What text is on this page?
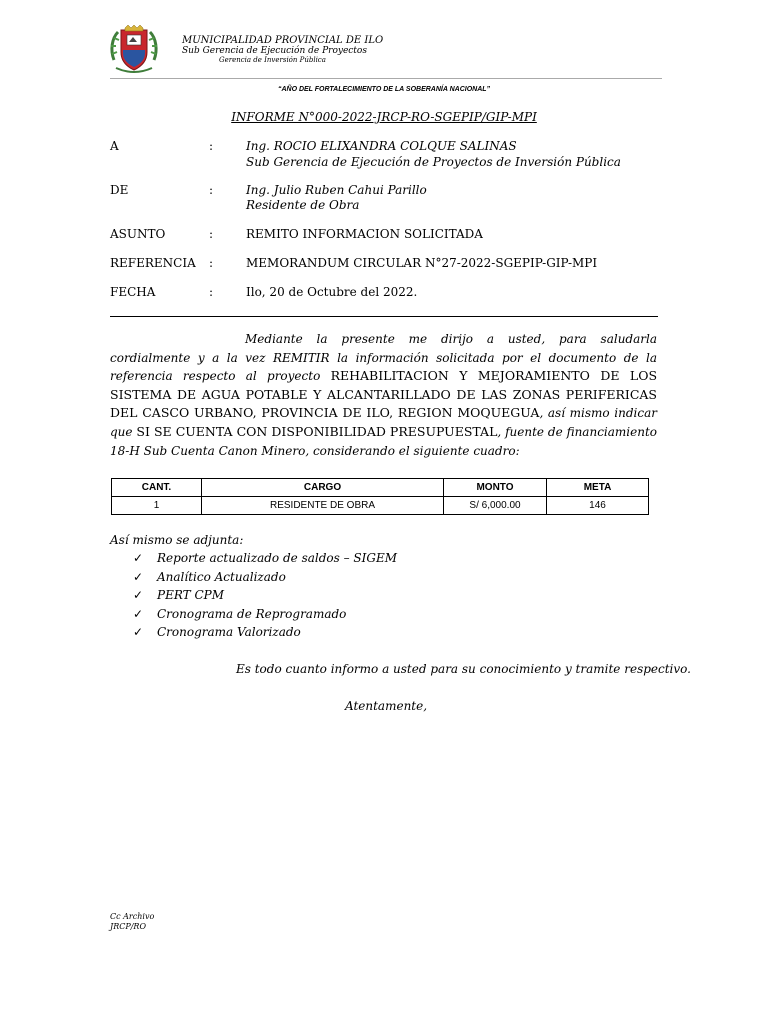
MUNICIPALIDAD PROVINCIAL DE ILO
Sub Gerencia de Ejecución de Proyectos
Gerencia de Inversión Pública
“AÑO DEL FORTALECIMIENTO DE LA SOBERANÍA NACIONAL”
INFORME N°000-2022-JRCP-RO-SGEPIP/GIP-MPI
A	:	Ing. ROCIO ELIXANDRA COLQUE SALINAS
Sub Gerencia de Ejecución de Proyectos de Inversión Pública
DE	:	Ing. Julio Ruben Cahui Parillo
Residente de Obra
ASUNTO	:	REMITO INFORMACION SOLICITADA
REFERENCIA :	MEMORANDUM CIRCULAR N°27-2022-SGEPIP-GIP-MPI
FECHA	:	Ilo, 20 de Octubre del 2022.
Mediante la presente me dirijo a usted, para saludarla cordialmente y a la vez REMITIR la información solicitada por el documento de la referencia respecto al proyecto REHABILITACION Y MEJORAMIENTO DE LOS SISTEMA DE AGUA POTABLE Y ALCANTARILLADO DE LAS ZONAS PERIFERICAS DEL CASCO URBANO, PROVINCIA DE ILO, REGION MOQUEGUA, así mismo indicar que SI SE CUENTA CON DISPONIBILIDAD PRESUPUESTAL, fuente de financiamiento 18-H Sub Cuenta Canon Minero, considerando el siguiente cuadro:
CANT.	CARGO	MONTO	META
1	RESIDENTE DE OBRA	S/ 6,000.00	146
Así mismo se adjunta:
✓ Reporte actualizado de saldos – SIGEM
✓ Analítico Actualizado
✓ PERT CPM
✓ Cronograma de Reprogramado
✓ Cronograma Valorizado
Es todo cuanto informo a usted para su conocimiento y tramite respectivo.
Atentamente,
Cc Archivo
JRCP/RO
